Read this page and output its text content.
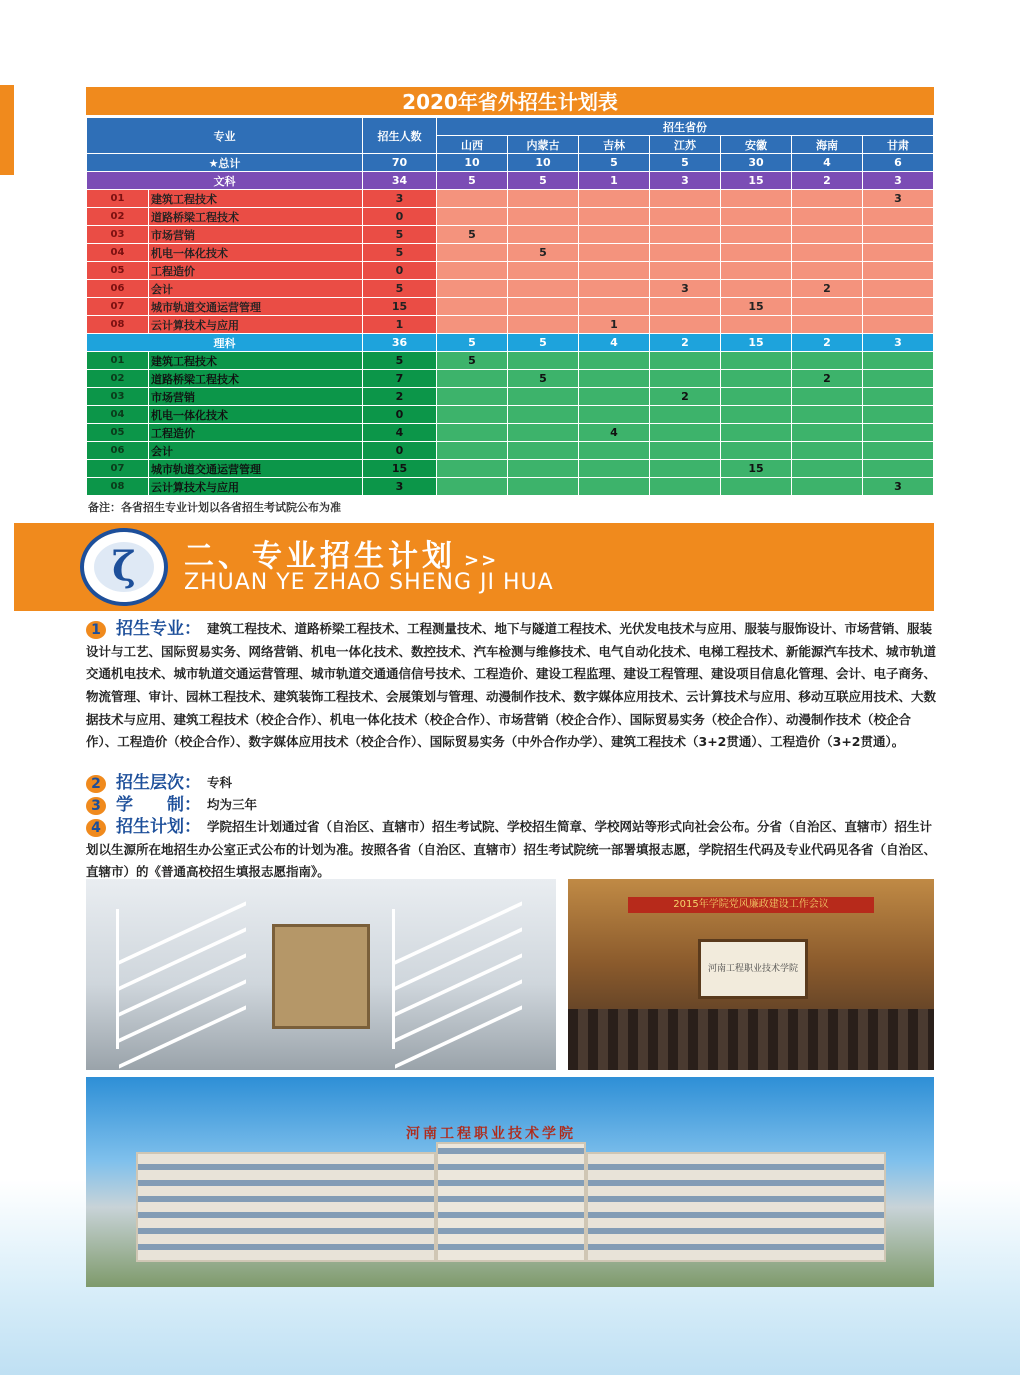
2020年省外招生计划表
专业		招生人数	招生省份						
			山西	内蒙古	吉林	江苏	安徽	海南	甘肃
★总计		70	10	10	5	5	30	4	6
文科		34	5	5	1	3	15	2	3
01	建筑工程技术	3							3
02	道路桥梁工程技术	0							
03	市场营销	5	5						
04	机电一体化技术	5		5					
05	工程造价	0							
06	会计	5				3		2	
07	城市轨道交通运营管理	15					15		
08	云计算技术与应用	1			1				
理科		36	5	5	4	2	15	2	3
01	建筑工程技术	5	5						
02	道路桥梁工程技术	7		5				2	
03	市场营销	2				2			
04	机电一体化技术	0							
05	工程造价	4			4				
06	会计	0							
07	城市轨道交通运营管理	15					15		
08	云计算技术与应用	3							3
备注：各省招生专业计划以各省招生考试院公布为准
ζ	二、专业招生计划 >>
ZHUAN YE ZHAO SHENG JI HUA
1 招生专业： 建筑工程技术、道路桥梁工程技术、工程测量技术、地下与隧道工程技术、光伏发电技术与应用、服装与服饰设计、市场营销、服装设计与工艺、国际贸易实务、网络营销、机电一体化技术、数控技术、汽车检测与维修技术、电气自动化技术、电梯工程技术、新能源汽车技术、城市轨道交通机电技术、城市轨道交通运营管理、城市轨道交通通信信号技术、工程造价、建设工程监理、建设工程管理、建设项目信息化管理、会计、电子商务、物流管理、审计、园林工程技术、建筑装饰工程技术、会展策划与管理、动漫制作技术、数字媒体应用技术、云计算技术与应用、移动互联应用技术、大数据技术与应用、建筑工程技术（校企合作）、机电一体化技术（校企合作）、市场营销（校企合作）、国际贸易实务（校企合作）、动漫制作技术（校企合作）、工程造价（校企合作）、数字媒体应用技术（校企合作）、国际贸易实务（中外合作办学）、建筑工程技术（3+2贯通）、工程造价（3+2贯通）。
2 招生层次： 专科
3 学　　制： 均为三年
4 招生计划： 学院招生计划通过省（自治区、直辖市）招生考试院、学校招生简章、学校网站等形式向社会公布。分省（自治区、直辖市）招生计划以生源所在地招生办公室正式公布的计划为准。按照各省（自治区、直辖市）招生考试院统一部署填报志愿，学院招生代码及专业代码见各省（自治区、直辖市）的《普通高校招生填报志愿指南》。
2015年学院党风廉政建设工作会议
河南工程职业技术学院
河南工程职业技术学院
